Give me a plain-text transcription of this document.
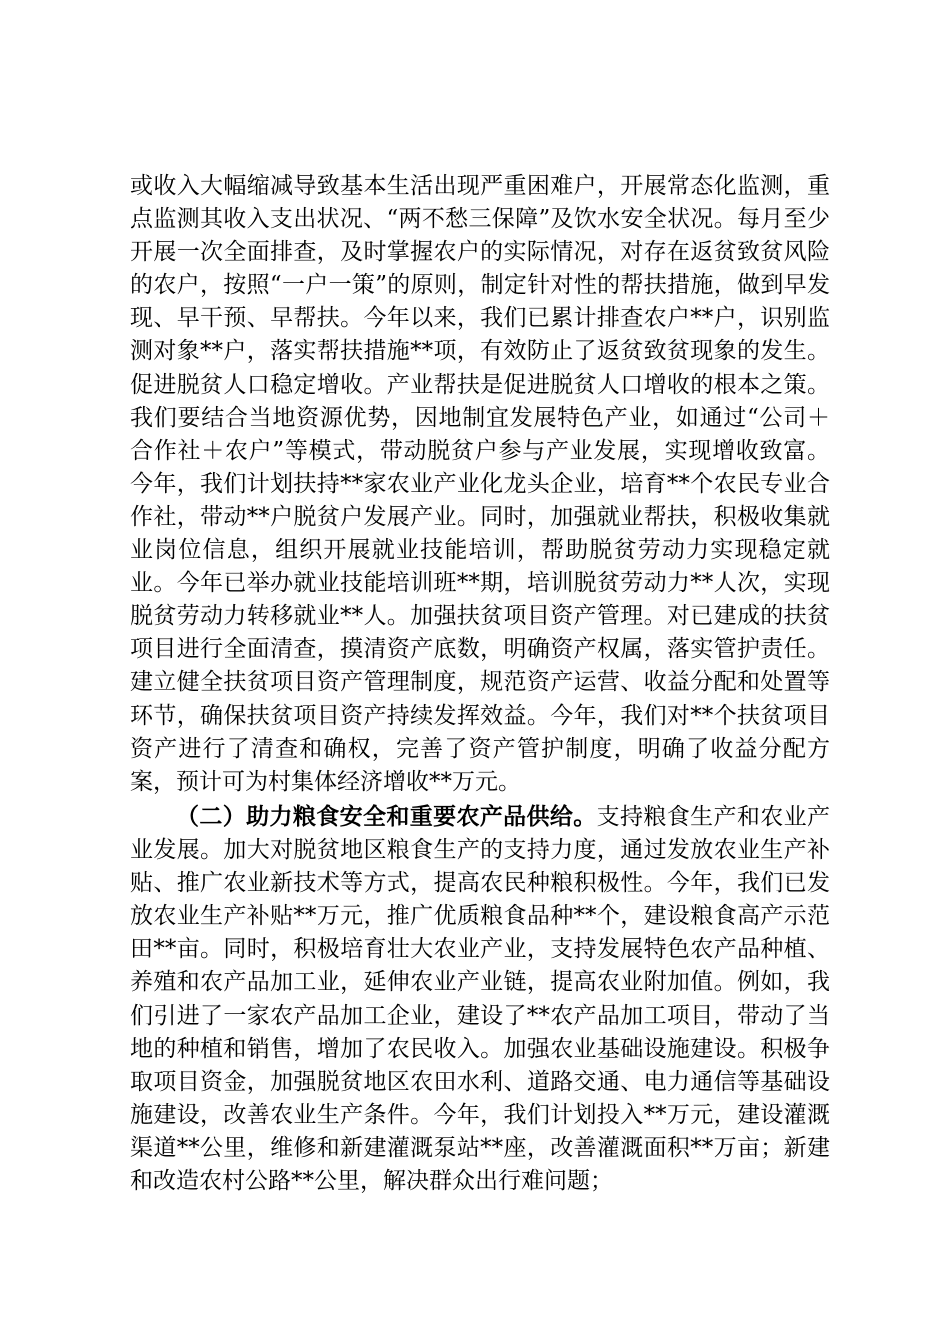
或收入大幅缩减导致基本生活出现严重困难户，开展常态化监测，重点监测其收入支出状况、“两不愁三保障”及饮水安全状况。每月至少开展一次全面排查，及时掌握农户的实际情况，对存在返贫致贫风险的农户，按照“一户一策”的原则，制定针对性的帮扶措施，做到早发现、早干预、早帮扶。今年以来，我们已累计排查农户**户，识别监测对象**户，落实帮扶措施**项，有效防止了返贫致贫现象的发生。促进脱贫人口稳定增收。产业帮扶是促进脱贫人口增收的根本之策。我们要结合当地资源优势，因地制宜发展特色产业，如通过“公司＋合作社＋农户”等模式，带动脱贫户参与产业发展，实现增收致富。今年，我们计划扶持**家农业产业化龙头企业，培育**个农民专业合作社，带动**户脱贫户发展产业。同时，加强就业帮扶，积极收集就业岗位信息，组织开展就业技能培训，帮助脱贫劳动力实现稳定就业。今年已举办就业技能培训班**期，培训脱贫劳动力**人次，实现脱贫劳动力转移就业**人。加强扶贫项目资产管理。对已建成的扶贫项目进行全面清查，摸清资产底数，明确资产权属，落实管护责任。建立健全扶贫项目资产管理制度，规范资产运营、收益分配和处置等环节，确保扶贫项目资产持续发挥效益。今年，我们对**个扶贫项目资产进行了清查和确权，完善了资产管护制度，明确了收益分配方案，预计可为村集体经济增收**万元。

（二）助力粮食安全和重要农产品供给。支持粮食生产和农业产业发展。加大对脱贫地区粮食生产的支持力度，通过发放农业生产补贴、推广农业新技术等方式，提高农民种粮积极性。今年，我们已发放农业生产补贴**万元，推广优质粮食品种**个，建设粮食高产示范田**亩。同时，积极培育壮大农业产业，支持发展特色农产品种植、养殖和农产品加工业，延伸农业产业链，提高农业附加值。例如，我们引进了一家农产品加工企业，建设了**农产品加工项目，带动了当地的种植和销售，增加了农民收入。加强农业基础设施建设。积极争取项目资金，加强脱贫地区农田水利、道路交通、电力通信等基础设施建设，改善农业生产条件。今年，我们计划投入**万元，建设灌溉渠道**公里，维修和新建灌溉泵站**座，改善灌溉面积**万亩；新建和改造农村公路**公里，解决群众出行难问题；
